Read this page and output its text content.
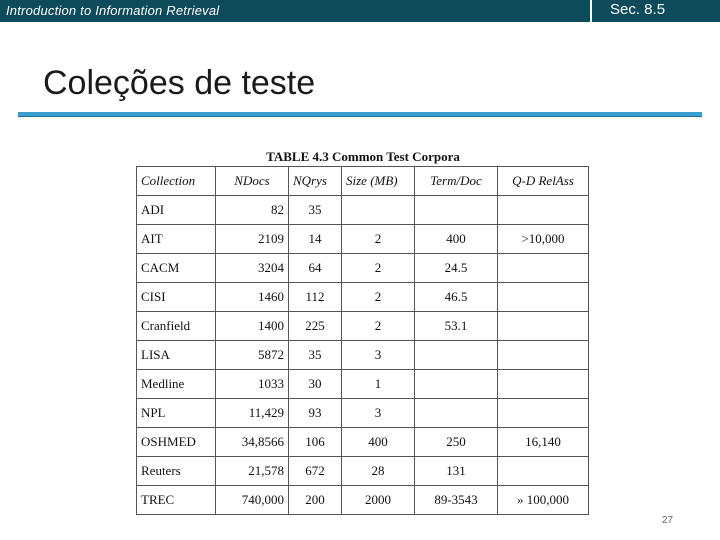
Introduction to Information Retrieval	Sec. 8.5
Coleções de teste
TABLE 4.3 Common Test Corpora
Collection	NDocs	NQrys	Size (MB)	Term/Doc	Q-D RelAss
ADI	82	35			
AIT	2109	14	2	400	>10,000
CACM	3204	64	2	24.5	
CISI	1460	112	2	46.5	
Cranfield	1400	225	2	53.1	
LISA	5872	35	3		
Medline	1033	30	1		
NPL	11,429	93	3		
OSHMED	34,8566	106	400	250	16,140
Reuters	21,578	672	28	131	
TREC	740,000	200	2000	89-3543	» 100,000
27
